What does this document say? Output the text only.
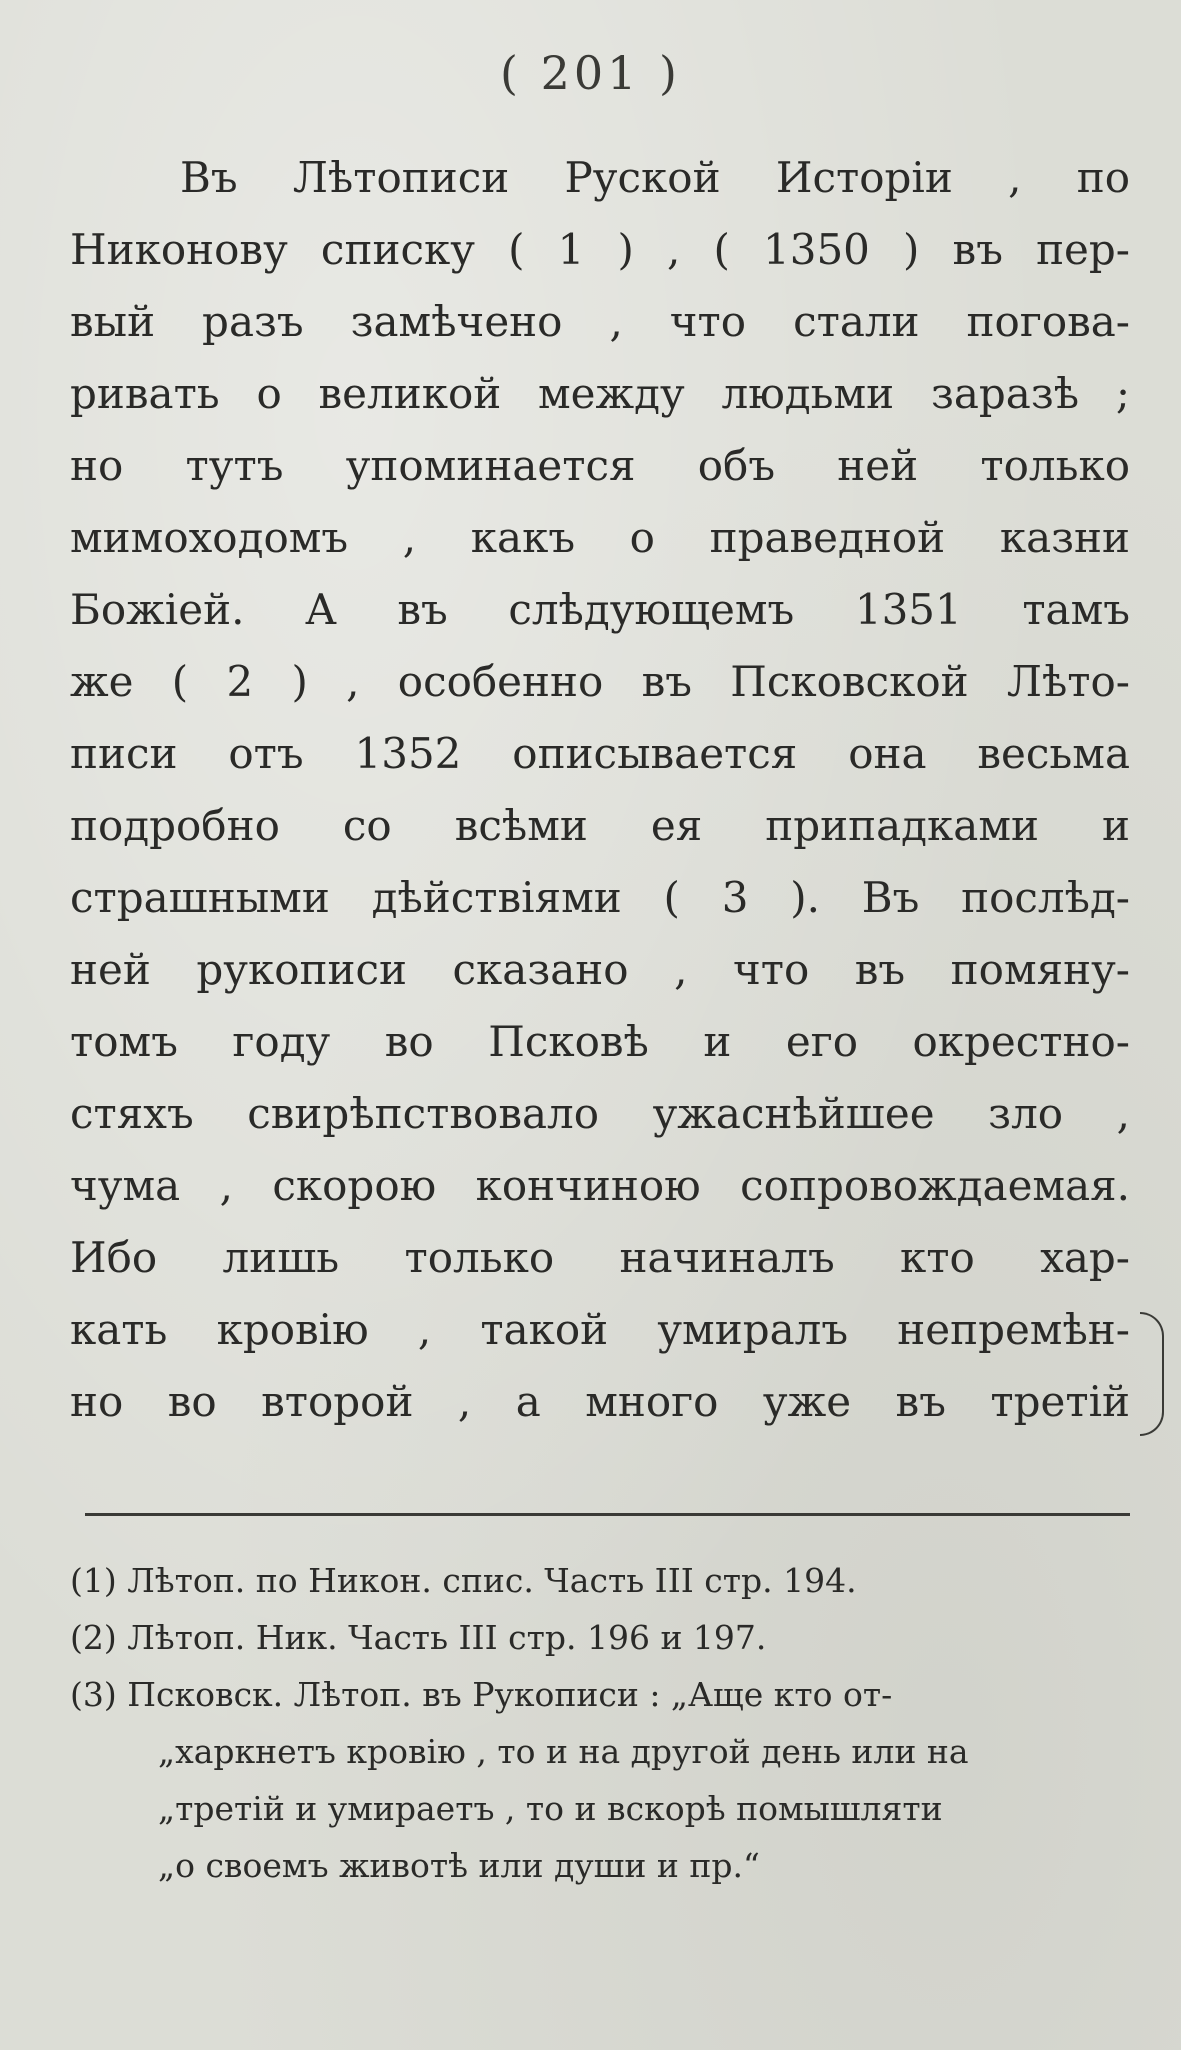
( 201 )
Въ Лѣтописи Руской Исторіи , по
Никонову списку ( 1 ) , ( 1350 ) въ пер-
вый разъ замѣчено , что стали погова-
ривать о великой между людьми заразѣ ;
но тутъ упоминается объ ней только
мимоходомъ , какъ о праведной казни
Божіей. А въ слѣдующемъ 1351 тамъ
же ( 2 ) , особенно въ Псковской Лѣто-
писи отъ 1352 описывается она весьма
подробно со всѣми ея припадками и
страшными дѣйствіями ( 3 ). Въ послѣд-
ней рукописи сказано , что въ помяну-
томъ году во Псковѣ и его окрестно-
стяхъ свирѣпствовало ужаснѣйшее зло ,
чума , скорою кончиною сопровождаемая.
Ибо лишь только начиналъ кто хар-
кать кровію , такой умиралъ непремѣн-
но во второй , а много уже въ третій
(1) Лѣтоп. по Никон. спис. Часть III стр. 194.
(2) Лѣтоп. Ник. Часть III стр. 196 и 197.
(3) Псковск. Лѣтоп. въ Рукописи : „Аще кто от-
„харкнетъ кровію , то и на другой день или на
„третій и умираетъ , то и вскорѣ помышляти
„о своемъ животѣ или души и пр.“
